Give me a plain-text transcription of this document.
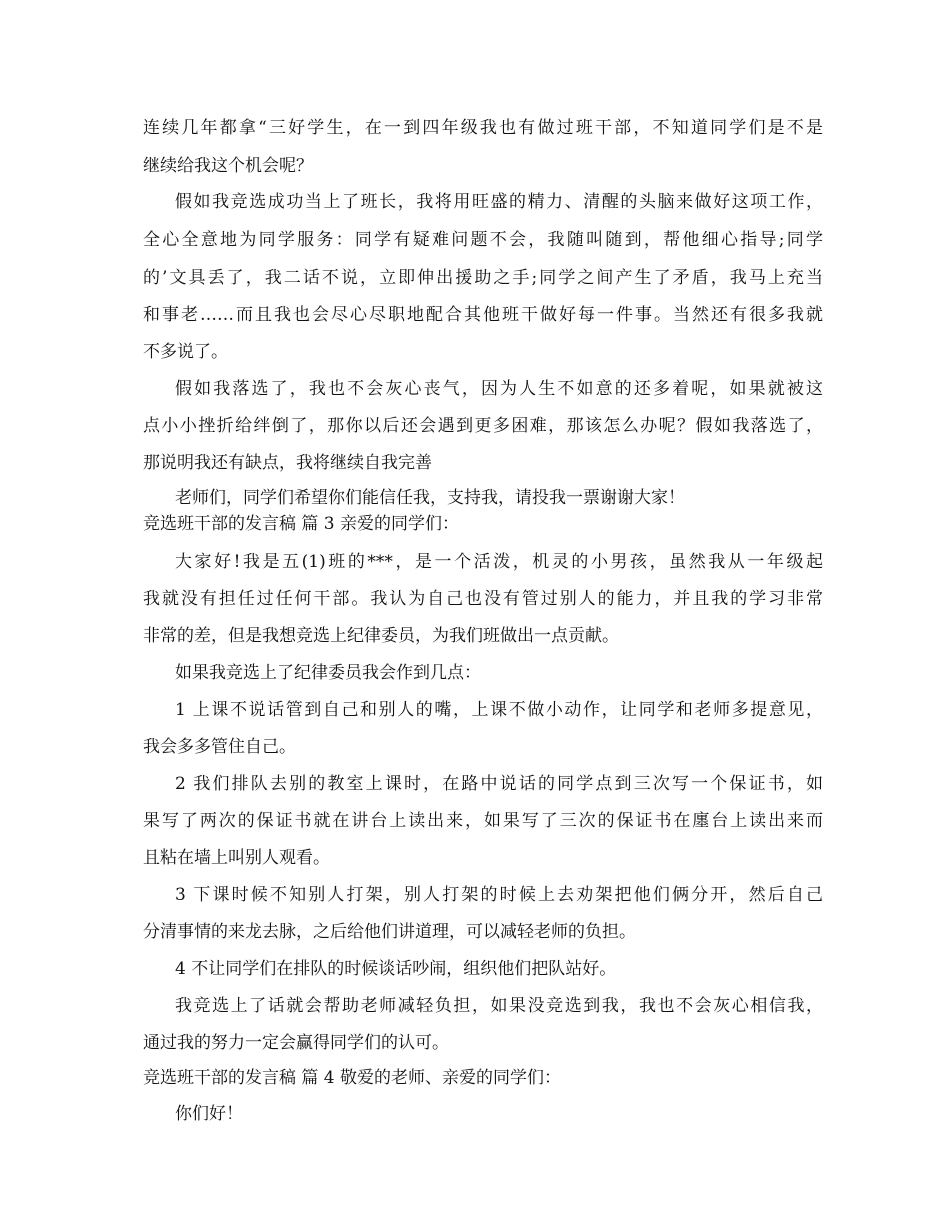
连续几年都拿“三好学生，在一到四年级我也有做过班干部，不知道同学们是不是
继续给我这个机会呢？
假如我竞选成功当上了班长，我将用旺盛的精力、清醒的头脑来做好这项工作，
全心全意地为同学服务：同学有疑难问题不会，我随叫随到，帮他细心指导;同学
的’文具丢了，我二话不说，立即伸出援助之手;同学之间产生了矛盾，我马上充当
和事老……而且我也会尽心尽职地配合其他班干做好每一件事。当然还有很多我就
不多说了。
假如我落选了，我也不会灰心丧气，因为人生不如意的还多着呢，如果就被这
点小小挫折给绊倒了，那你以后还会遇到更多困难，那该怎么办呢？假如我落选了，
那说明我还有缺点，我将继续自我完善
老师们，同学们希望你们能信任我，支持我，请投我一票谢谢大家！
竞选班干部的发言稿 篇 3 亲爱的同学们：
大家好!我是五(1)班的***，是一个活泼，机灵的小男孩，虽然我从一年级起
我就没有担任过任何干部。我认为自己也没有管过别人的能力，并且我的学习非常
非常的差，但是我想竞选上纪律委员，为我们班做出一点贡献。
如果我竞选上了纪律委员我会作到几点：
1 上课不说话管到自己和别人的嘴，上课不做小动作，让同学和老师多提意见，
我会多多管住自己。
2 我们排队去别的教室上课时，在路中说话的同学点到三次写一个保证书，如
果写了两次的保证书就在讲台上读出来，如果写了三次的保证书在廛台上读出来而
且粘在墙上叫别人观看。
3 下课时候不知别人打架，别人打架的时候上去劝架把他们俩分开，然后自己
分清事情的来龙去脉，之后给他们讲道理，可以减轻老师的负担。
4 不让同学们在排队的时候谈话吵闹，组织他们把队站好。
我竞选上了话就会帮助老师减轻负担，如果没竞选到我，我也不会灰心相信我，
通过我的努力一定会赢得同学们的认可。
竞选班干部的发言稿 篇 4 敬爱的老师、亲爱的同学们：
你们好！
